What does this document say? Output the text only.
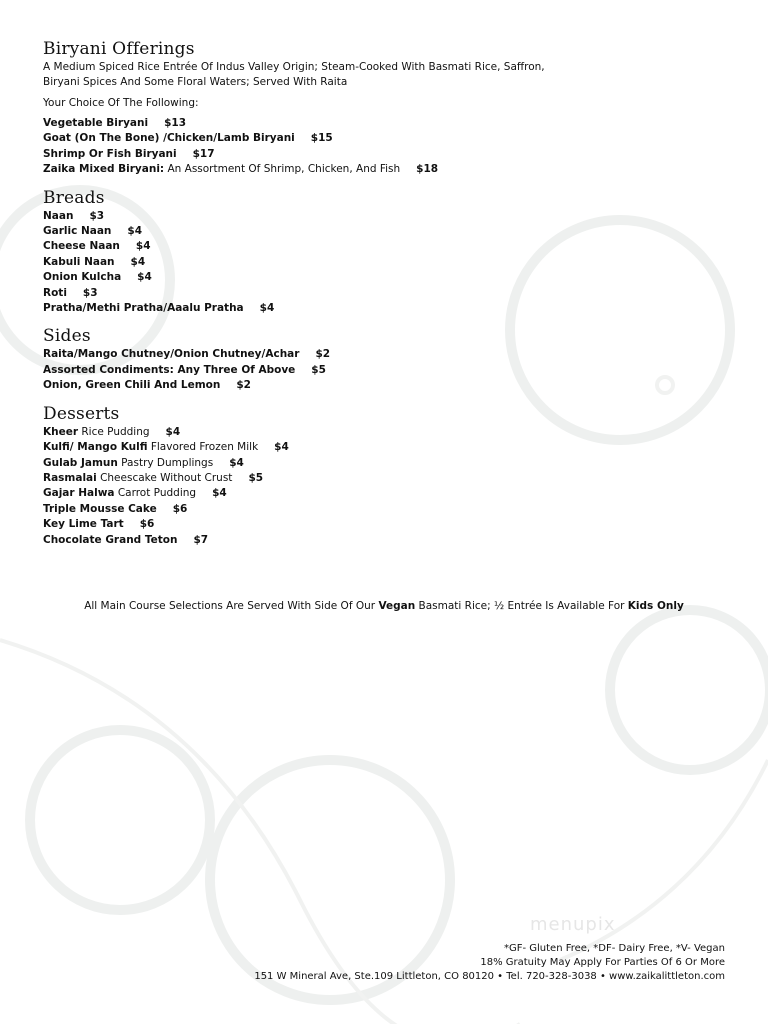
Biryani Offerings

A Medium Spiced Rice Entrée Of Indus Valley Origin; Steam-Cooked With Basmati Rice, Saffron,

Biryani Spices And Some Floral Waters; Served With Raita

Your Choice Of The Following:

Vegetable Biryani $13
Goat (On The Bone) /Chicken/Lamb Biryani $15
Shrimp Or Fish Biryani $17
Zaika Mixed Biryani: An Assortment Of Shrimp, Chicken, And Fish $18
Breads
Naan $3
Garlic Naan $4
Cheese Naan $4
Kabuli Naan $4
Onion Kulcha $4
Roti $3
Pratha/Methi Pratha/Aaalu Pratha $4
Sides
Raita/Mango Chutney/Onion Chutney/Achar $2
Assorted Condiments: Any Three Of Above $5
Onion, Green Chili And Lemon $2
Desserts
Kheer Rice Pudding $4
Kulfi/ Mango Kulfi Flavored Frozen Milk $4
Gulab Jamun Pastry Dumplings $4
Rasmalai Cheescake Without Crust $5
Gajar Halwa Carrot Pudding $4
Triple Mousse Cake $6
Key Lime Tart $6
Chocolate Grand Teton $7
All Main Course Selections Are Served With Side Of Our Vegan Basmati Rice; ½ Entrée Is Available For Kids Only
menupix
*GF- Gluten Free, *DF- Dairy Free, *V- Vegan
18% Gratuity May Apply For Parties Of 6 Or More
151 W Mineral Ave, Ste.109 Littleton, CO 80120 • Tel. 720-328-3038 • www.zaikalittleton.com
